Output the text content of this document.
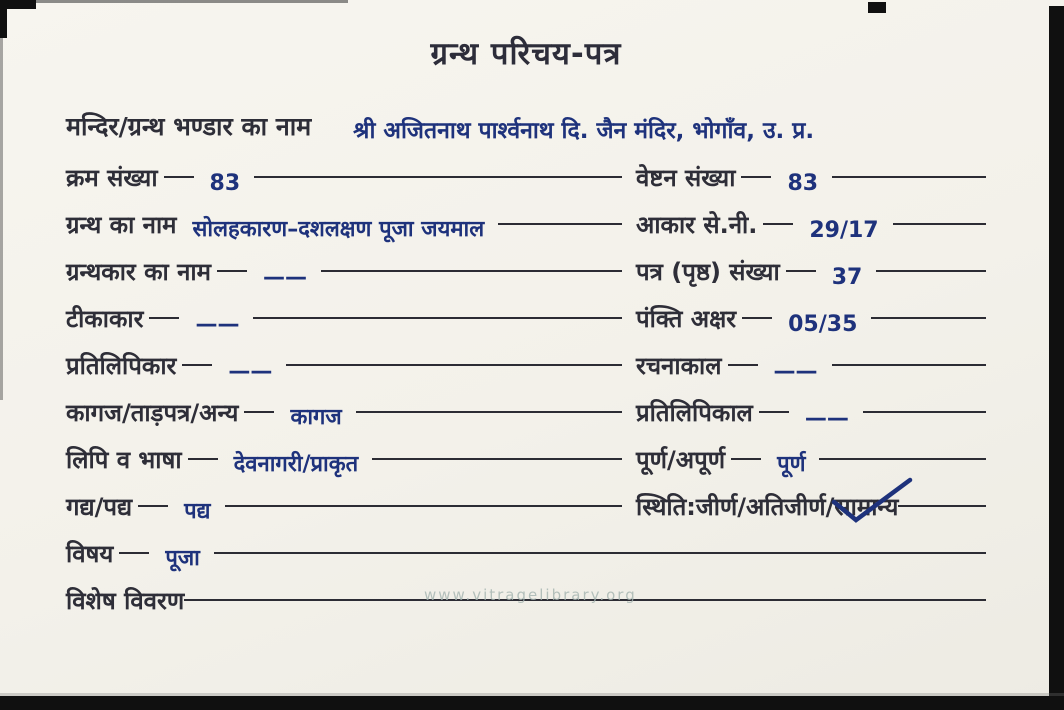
ग्रन्थ परिचय-पत्र
मन्दिर/ग्रन्थ भण्डार का नाम	श्री अजितनाथ पार्श्वनाथ दि. जैन मंदिर, भोगाँव, उ. प्र.
क्रम संख्या	83	वेष्टन संख्या	83
ग्रन्थ का नाम सोलहकारण–दशलक्षण पूजा जयमाल	आकार से.नी.	29/17
ग्रन्थकार का नाम	——	पत्र (पृष्ठ) संख्या	37
टीकाकार	——	पंक्ति अक्षर	05/35
प्रतिलिपिकार	——	रचनाकाल	——
कागज/ताड़पत्र/अन्य	कागज	प्रतिलिपिकाल	——
लिपि व भाषा	देवनागरी/प्राकृत	पूर्ण/अपूर्ण	पूर्ण
गद्य/पद्य	पद्य	स्थिति:जीर्ण/अतिजीर्ण/ सामान्य
विषय	पूजा
विशेष विवरण	www.vitragelibrary.org
